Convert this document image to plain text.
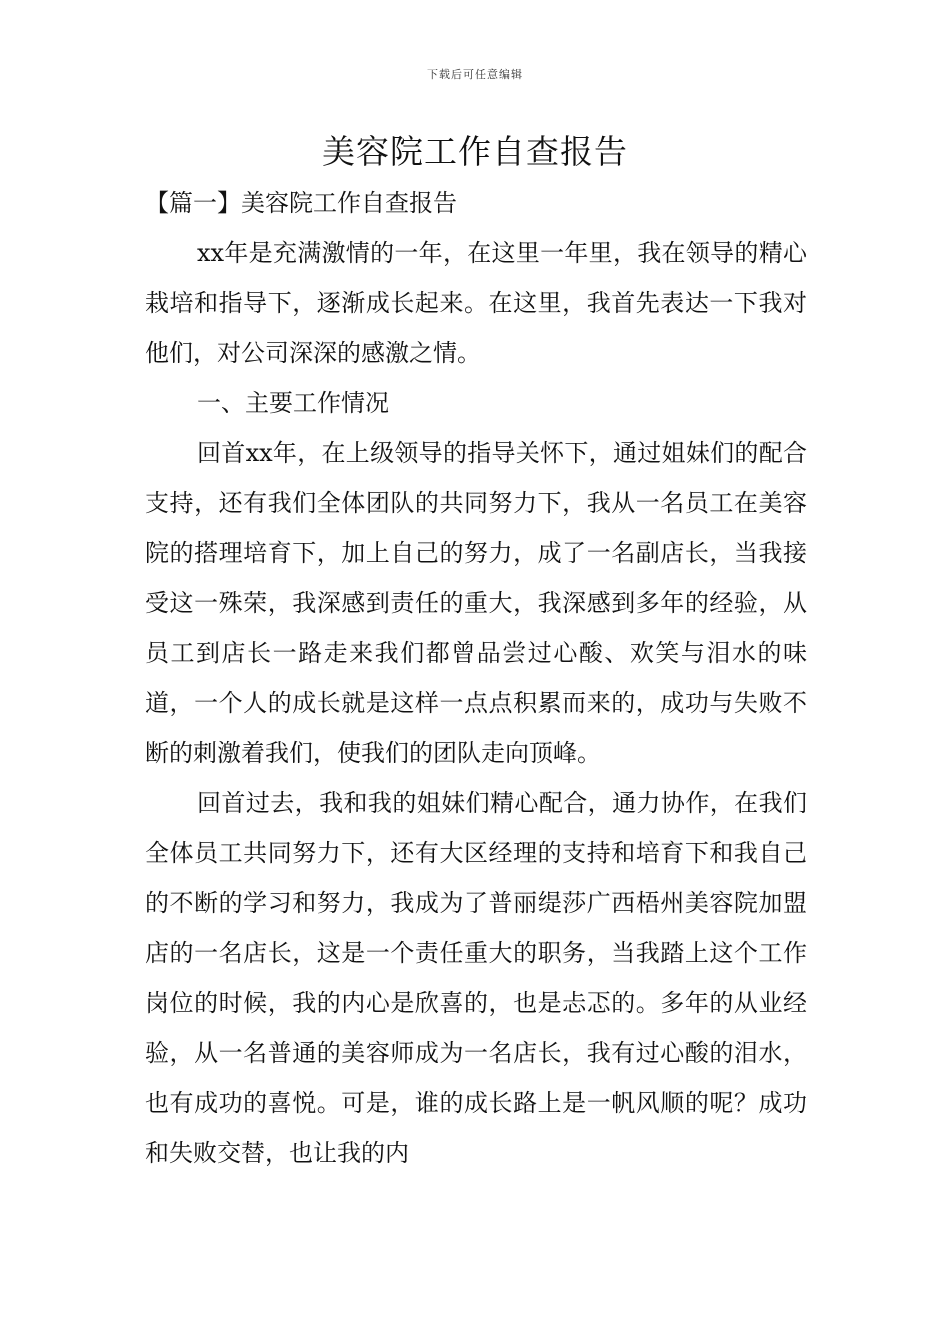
下载后可任意编辑
美容院工作自查报告

【篇一】美容院工作自查报告

xx年是充满激情的一年，在这里一年里，我在领导的精心栽培和指导下，逐渐成长起来。在这里，我首先表达一下我对他们，对公司深深的感激之情。

一、主要工作情况

回首xx年，在上级领导的指导关怀下，通过姐妹们的配合支持，还有我们全体团队的共同努力下，我从一名员工在美容院的搭理培育下，加上自己的努力，成了一名副店长，当我接受这一殊荣，我深感到责任的重大，我深感到多年的经验，从员工到店长一路走来我们都曾品尝过心酸、欢笑与泪水的味道，一个人的成长就是这样一点点积累而来的，成功与失败不断的刺激着我们，使我们的团队走向顶峰。

回首过去，我和我的姐妹们精心配合，通力协作，在我们全体员工共同努力下，还有大区经理的支持和培育下和我自己的不断的学习和努力，我成为了普丽缇莎广西梧州美容院加盟店的一名店长，这是一个责任重大的职务，当我踏上这个工作岗位的时候，我的内心是欣喜的，也是忐忑的。多年的从业经验，从一名普通的美容师成为一名店长，我有过心酸的泪水，也有成功的喜悦。可是，谁的成长路上是一帆风顺的呢？成功和失败交替，也让我的内
